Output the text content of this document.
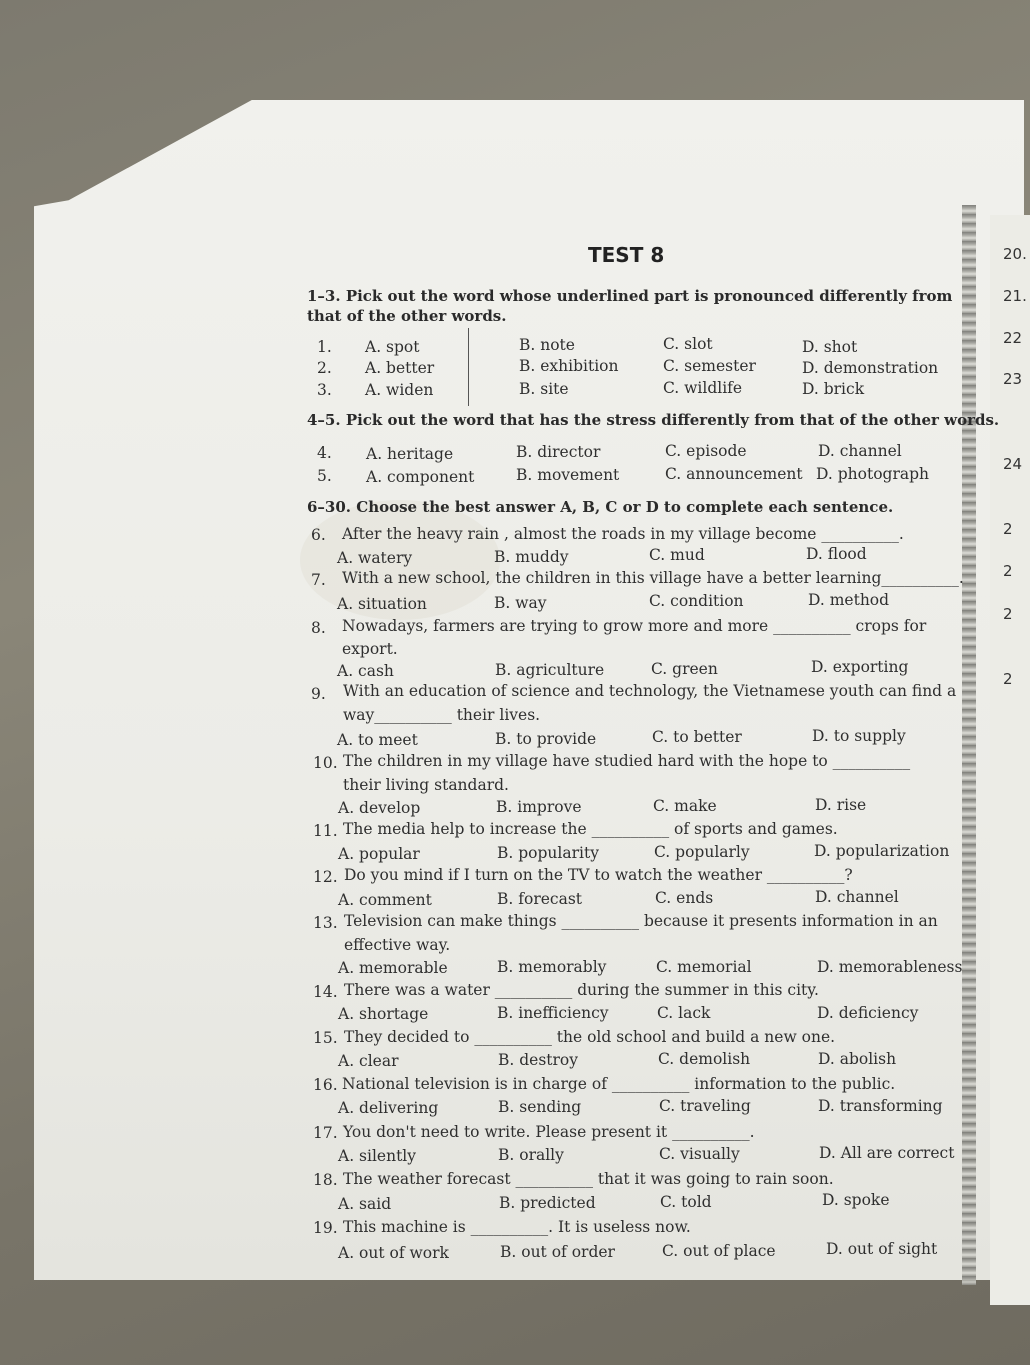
20.
21.
22
23
24
2
2
2
2
TEST 8
1–3. Pick out the word whose underlined part is pronounced differently from
that of the other words.
1. A. spot	B. note	C. slot	D. shot
2. A. better	B. exhibition	C. semester	D. demonstration
3. A. widen	B. site	C. wildlife	D. brick
4–5. Pick out the word that has the stress differently from that of the other words.
4. A. heritage	B. director	C. episode	D. channel
5. A. component	B. movement	C. announcement D. photograph
6–30. Choose the best answer A, B, C or D to complete each sentence.
6. After the heavy rain , almost the roads in my village become __________.
A. watery	B. muddy	C. mud	D. flood
7. With a new school, the children in this village have a better learning__________.
A. situation	B. way	C. condition	D. method
8. Nowadays, farmers are trying to grow more and more __________ crops for
export.
A. cash	B. agriculture	C. green	D. exporting
9. With an education of science and technology, the Vietnamese youth can find a
way__________ their lives.
A. to meet	B. to provide	C. to better	D. to supply
10. The children in my village have studied hard with the hope to __________
their living standard.
A. develop	B. improve	C. make	D. rise
11. The media help to increase the __________ of sports and games.
A. popular	B. popularity	C. popularly	D. popularization
12. Do you mind if I turn on the TV to watch the weather __________?
A. comment	B. forecast	C. ends	D. channel
13. Television can make things __________ because it presents information in an
effective way.
A. memorable	B. memorably	C. memorial	D. memorableness
14. There was a water __________ during the summer in this city.
A. shortage	B. inefficiency	C. lack	D. deficiency
15. They decided to __________ the old school and build a new one.
A. clear	B. destroy	C. demolish	D. abolish
16. National television is in charge of __________ information to the public.
A. delivering	B. sending	C. traveling	D. transforming
17. You don't need to write. Please present it __________.
A. silently	B. orally	C. visually	D. All are correct
18. The weather forecast __________ that it was going to rain soon.
A. said	B. predicted	C. told	D. spoke
19. This machine is __________. It is useless now.
A. out of work	B. out of order	C. out of place	D. out of sight
